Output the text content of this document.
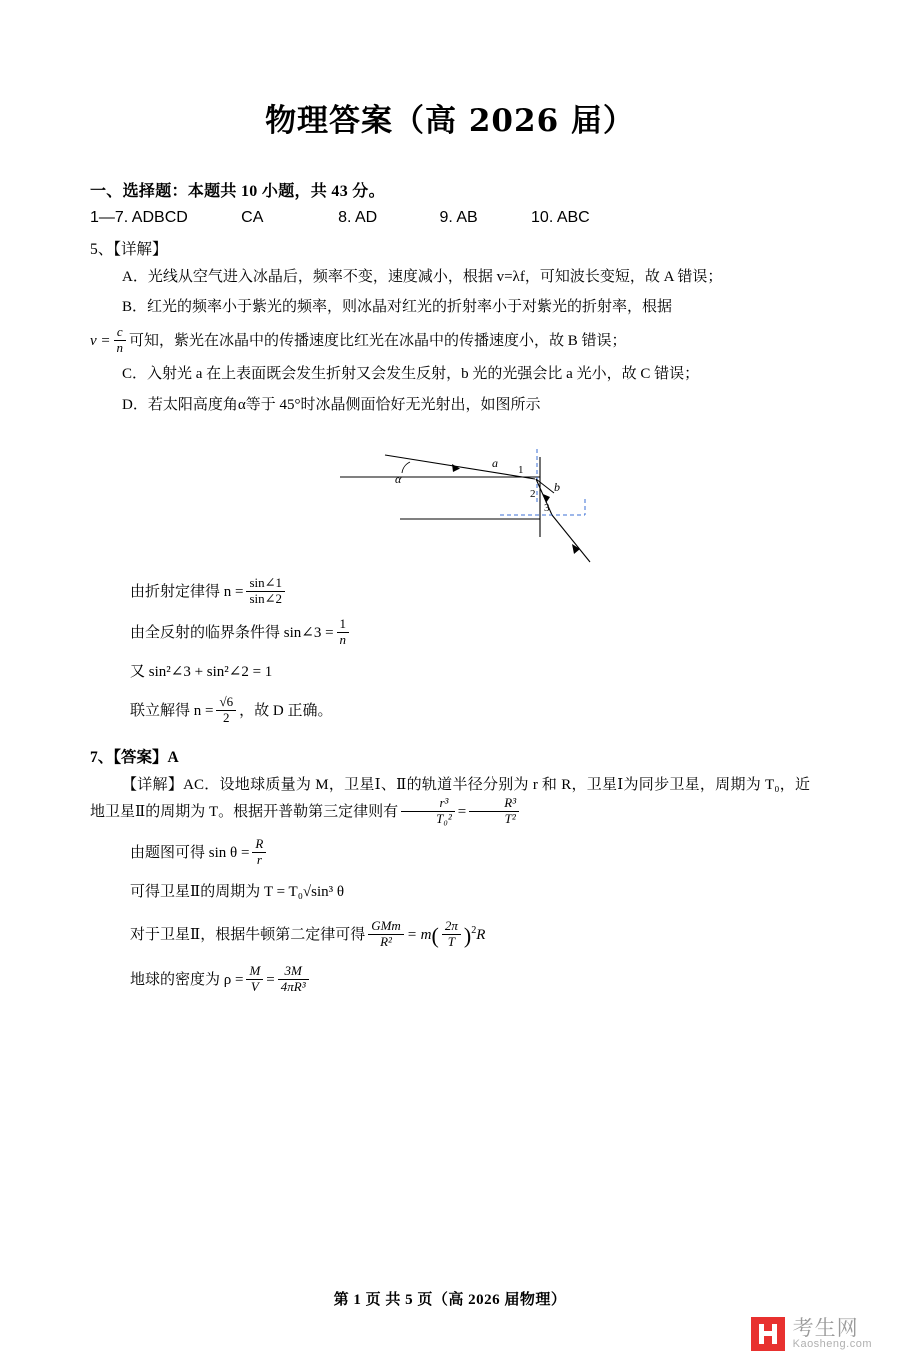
物理答案（高 2026 届）
一、选择题：本题共 10 小题，共 43 分。
1—7. ADBCD            CA                 8. AD              9. AB            10. ABC
5、【详解】
A．光线从空气进入冰晶后，频率不变，速度减小，根据 v=λf，可知波长变短，故 A 错误；
B．红光的频率小于紫光的频率，则冰晶对红光的折射率小于对紫光的折射率，根据
$v = \frac{c}{n}$ 可知，紫光在冰晶中的传播速度比红光在冰晶中的传播速度小，故 B 错误；
C．入射光 a 在上表面既会发生折射又会发生反射，b 光的光强会比 a 光小，故 C 错误；
D．若太阳高度角α等于 45°时冰晶侧面恰好无光射出，如图所示
α
a 1
2
3
b
由折射定律得 $n = \frac{\sin\angle 1}{\sin\angle 2}$
由全反射的临界条件得 sin∠3 = $\frac{1}{n}$
又 sin²∠3 + sin²∠2 = 1
联立解得 $n = \frac{√6}{2}$ ，故 D 正确。
7、【答案】A
【详解】AC．设地球质量为 M，卫星Ⅰ、Ⅱ的轨道半径分别为 r 和 R，卫星Ⅰ为同步卫星，周期为 T₀，近地卫星Ⅱ的周期为 T。根据开普勒第三定律则有 $\frac{\text{r³}}{\text{T₀²}} = \frac{\text{R³}}{\text{T²}}$
由题图可得 $\sin \theta = \frac{R}{r}$
可得卫星Ⅱ的周期为 T = T₀√sin³ θ
对于卫星Ⅱ，根据牛顿第二定律可得 $\frac{\text{GMm}}{\text{R²}} = m( \frac{2\pi}{T} )^2R$
地球的密度为 $\rho = \frac{M}{V} = \frac{3M}{\text{4πR³}}$
第 1 页 共 5 页（高 2026 届物理）
考生网
Kaosheng.com
